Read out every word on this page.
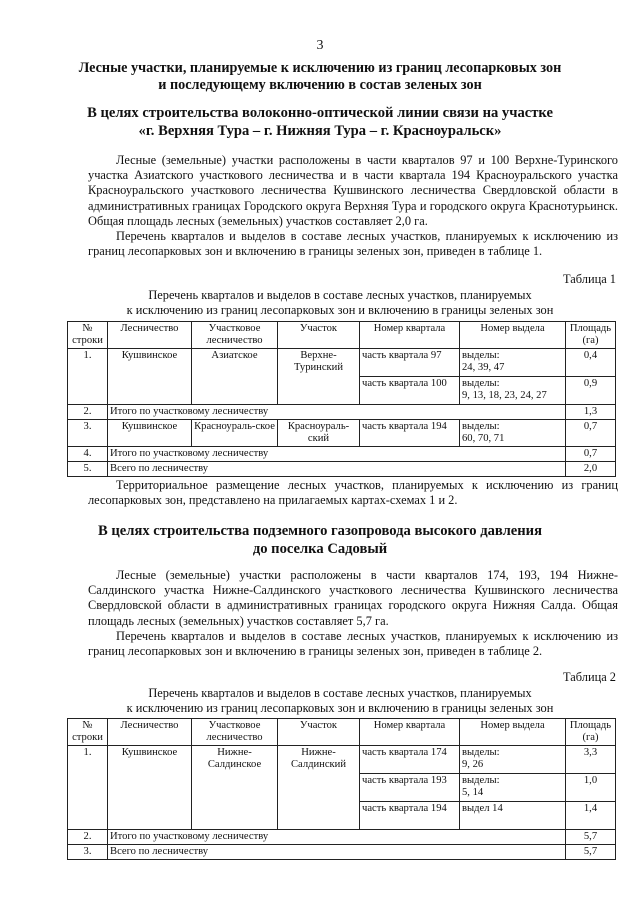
3
Лесные участки, планируемые к исключению из границ лесопарковых зон
и последующему включению в состав зеленых зон
В целях строительства волоконно-оптической линии связи на участке
«г. Верхняя Тура – г. Нижняя Тура – г. Красноуральск»

Лесные (земельные) участки расположены в части кварталов 97 и 100 Верхне-Туринского участка Азиатского участкового лесничества и в части квартала 194 Красноуральского участка Красноуральского участкового лесничества Кушвинского лесничества Свердловской области в административных границах Городского округа Верхняя Тура и городского округа Краснотурьинск. Общая площадь лесных (земельных) участков составляет 2,0 га.

Перечень кварталов и выделов в составе лесных участков, планируемых к исключению из границ лесопарковых зон и включению в границы зеленых зон, приведен в таблице 1.

Таблица 1
Перечень кварталов и выделов в составе лесных участков, планируемых
к исключению из границ лесопарковых зон и включению в границы зеленых зон
№ строки	Лесничество	Участковое лесничество	Участок	Номер квартала	Номер выдела	Площадь (га)
1.	Кушвинское	Азиатское	Верхне-Туринский	часть квартала 97	выделы:
24, 39, 47	0,4
				часть квартала 100	выделы:
9, 13, 18, 23, 24, 27	0,9
2.	Итого по участковому лесничеству					1,3
3.	Кушвинское	Красноураль-ское	Красноураль-ский	часть квартала 194	выделы:
60, 70, 71	0,7
4.	Итого по участковому лесничеству					0,7
5.	Всего по лесничеству					2,0

Территориальное размещение лесных участков, планируемых к исключению из границ лесопарковых зон, представлено на прилагаемых картах-схемах 1 и 2.

В целях строительства подземного газопровода высокого давления
до поселка Садовый

Лесные (земельные) участки расположены в части кварталов 174, 193, 194 Нижне-Салдинского участка Нижне-Салдинского участкового лесничества Кушвинского лесничества Свердловской области в административных границах городского округа Нижняя Салда. Общая площадь лесных (земельных) участков составляет 5,7 га.

Перечень кварталов и выделов в составе лесных участков, планируемых к исключению из границ лесопарковых зон и включению в границы зеленых зон, приведен в таблице 2.

Таблица 2
Перечень кварталов и выделов в составе лесных участков, планируемых
к исключению из границ лесопарковых зон и включению в границы зеленых зон
№ строки	Лесничество	Участковое лесничество	Участок	Номер квартала	Номер выдела	Площадь (га)
1.	Кушвинское	Нижне-Салдинское	Нижне-Салдинский	часть квартала 174	выделы:
9, 26	3,3
				часть квартала 193	выделы:
5, 14	1,0
				часть квартала 194	выдел 14	1,4
2.	Итого по участковому лесничеству					5,7
3.	Всего по лесничеству					5,7
